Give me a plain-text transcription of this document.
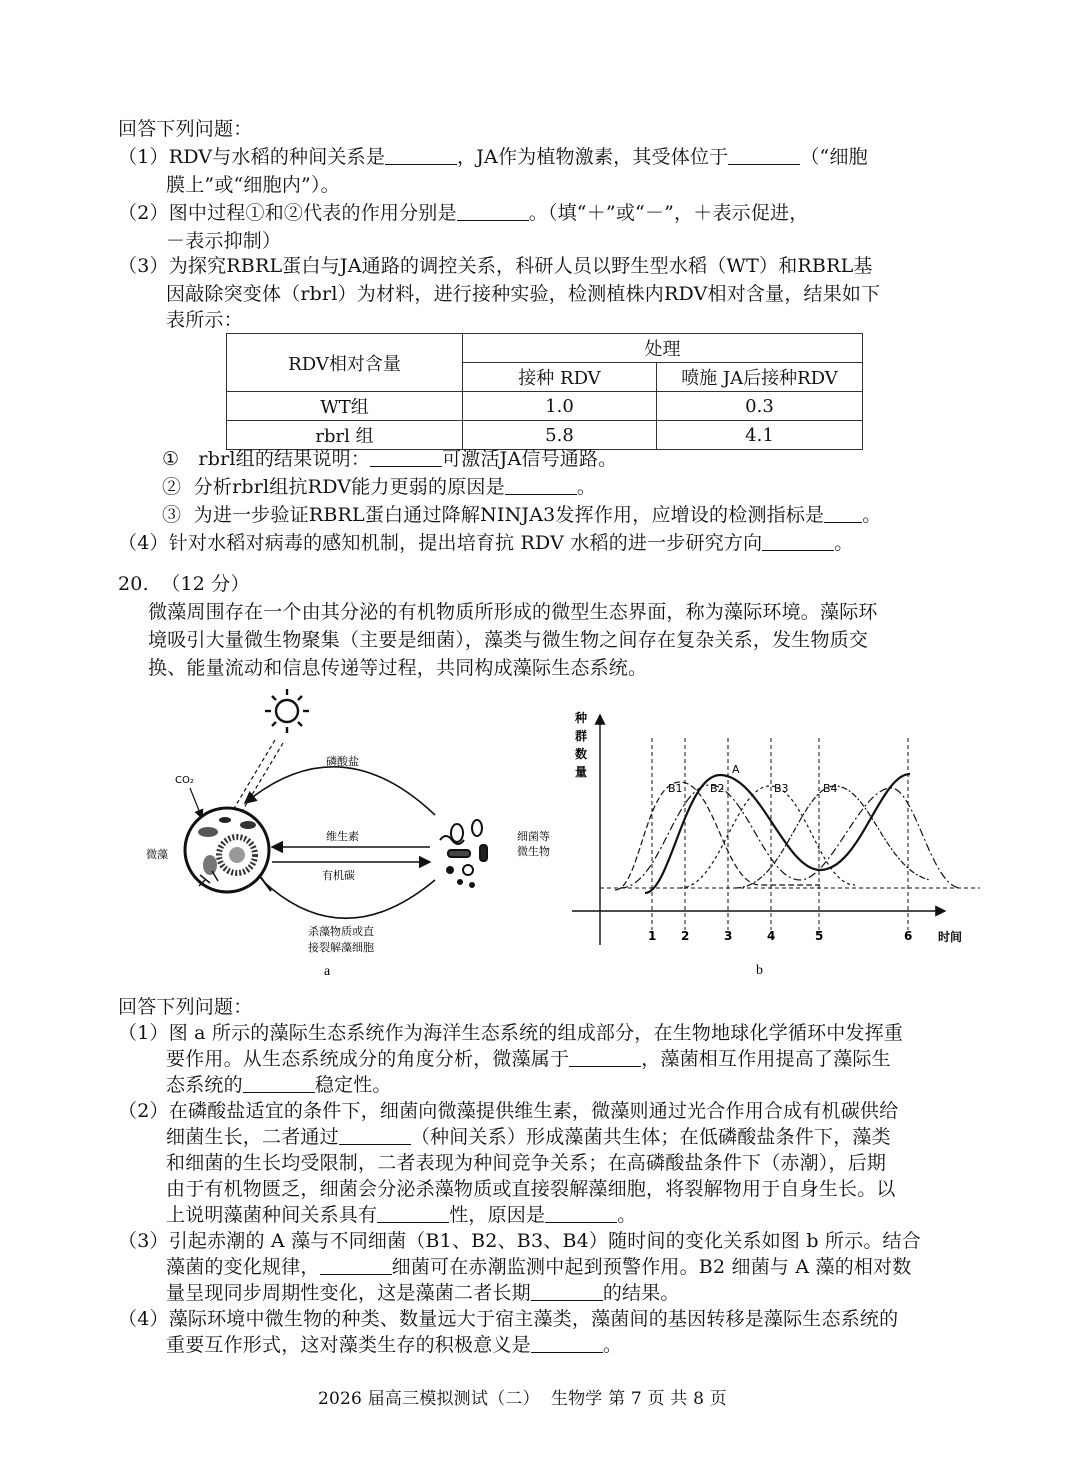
回答下列问题：
（1）RDV与水稻的种间关系是	，JA作为植物激素，其受体位于	（“细胞
膜上”或“细胞内”）。
（2）图中过程①和②代表的作用分别是	。（填“＋”或“－”，＋表示促进，
－表示抑制）
（3）为探究RBRL蛋白与JA通路的调控关系，科研人员以野生型水稻（WT）和RBRL基
因敲除突变体（rbrl）为材料，进行接种实验，检测植株内RDV相对含量，结果如下
表所示：
RDV相对含量	处理	
	接种 RDV	喷施 JA后接种RDV
WT组	1.0	0.3
rbrl 组	5.8	4.1
①　rbrl组的结果说明：	可激活JA信号通路。
②  分析rbrl组抗RDV能力更弱的原因是	。
③  为进一步验证RBRL蛋白通过降解NINJA3发挥作用，应增设的检测指标是 。
（4）针对水稻对病毒的感知机制，提出培育抗 RDV 水稻的进一步研究方向	。
20.  （12 分）
微藻周围存在一个由其分泌的有机物质所形成的微型生态界面，称为藻际环境。藻际环
境吸引大量微生物聚集（主要是细菌），藻类与微生物之间存在复杂关系，发生物质交
换、能量流动和信息传递等过程，共同构成藻际生态系统。
CO₂
微藻
细菌等
微生物
磷酸盐
维生素
有机碳
杀藻物质或直
接裂解藻细胞
a
种
群
数
量	A
B1 B2	B3	B4
1 2	3	4	5	6 时间
b
回答下列问题：
（1）图 a 所示的藻际生态系统作为海洋生态系统的组成部分，在生物地球化学循环中发挥重
要作用。从生态系统成分的角度分析，微藻属于	，藻菌相互作用提高了藻际生
态系统的	稳定性。
（2）在磷酸盐适宜的条件下，细菌向微藻提供维生素，微藻则通过光合作用合成有机碳供给
细菌生长，二者通过	（种间关系）形成藻菌共生体；在低磷酸盐条件下，藻类
和细菌的生长均受限制，二者表现为种间竞争关系；在高磷酸盐条件下（赤潮），后期
由于有机物匮乏，细菌会分泌杀藻物质或直接裂解藻细胞，将裂解物用于自身生长。以
上说明藻菌种间关系具有	性，原因是	。
（3）引起赤潮的 A 藻与不同细菌（B1、B2、B3、B4）随时间的变化关系如图 b 所示。结合
藻菌的变化规律，	细菌可在赤潮监测中起到预警作用。B2 细菌与 A 藻的相对数
量呈现同步周期性变化，这是藻菌二者长期	的结果。
（4）藻际环境中微生物的种类、数量远大于宿主藻类，藻菌间的基因转移是藻际生态系统的
重要互作形式，这对藻类生存的积极意义是	。
2026 届高三模拟测试（二）  生物学 第 7 页 共 8 页
